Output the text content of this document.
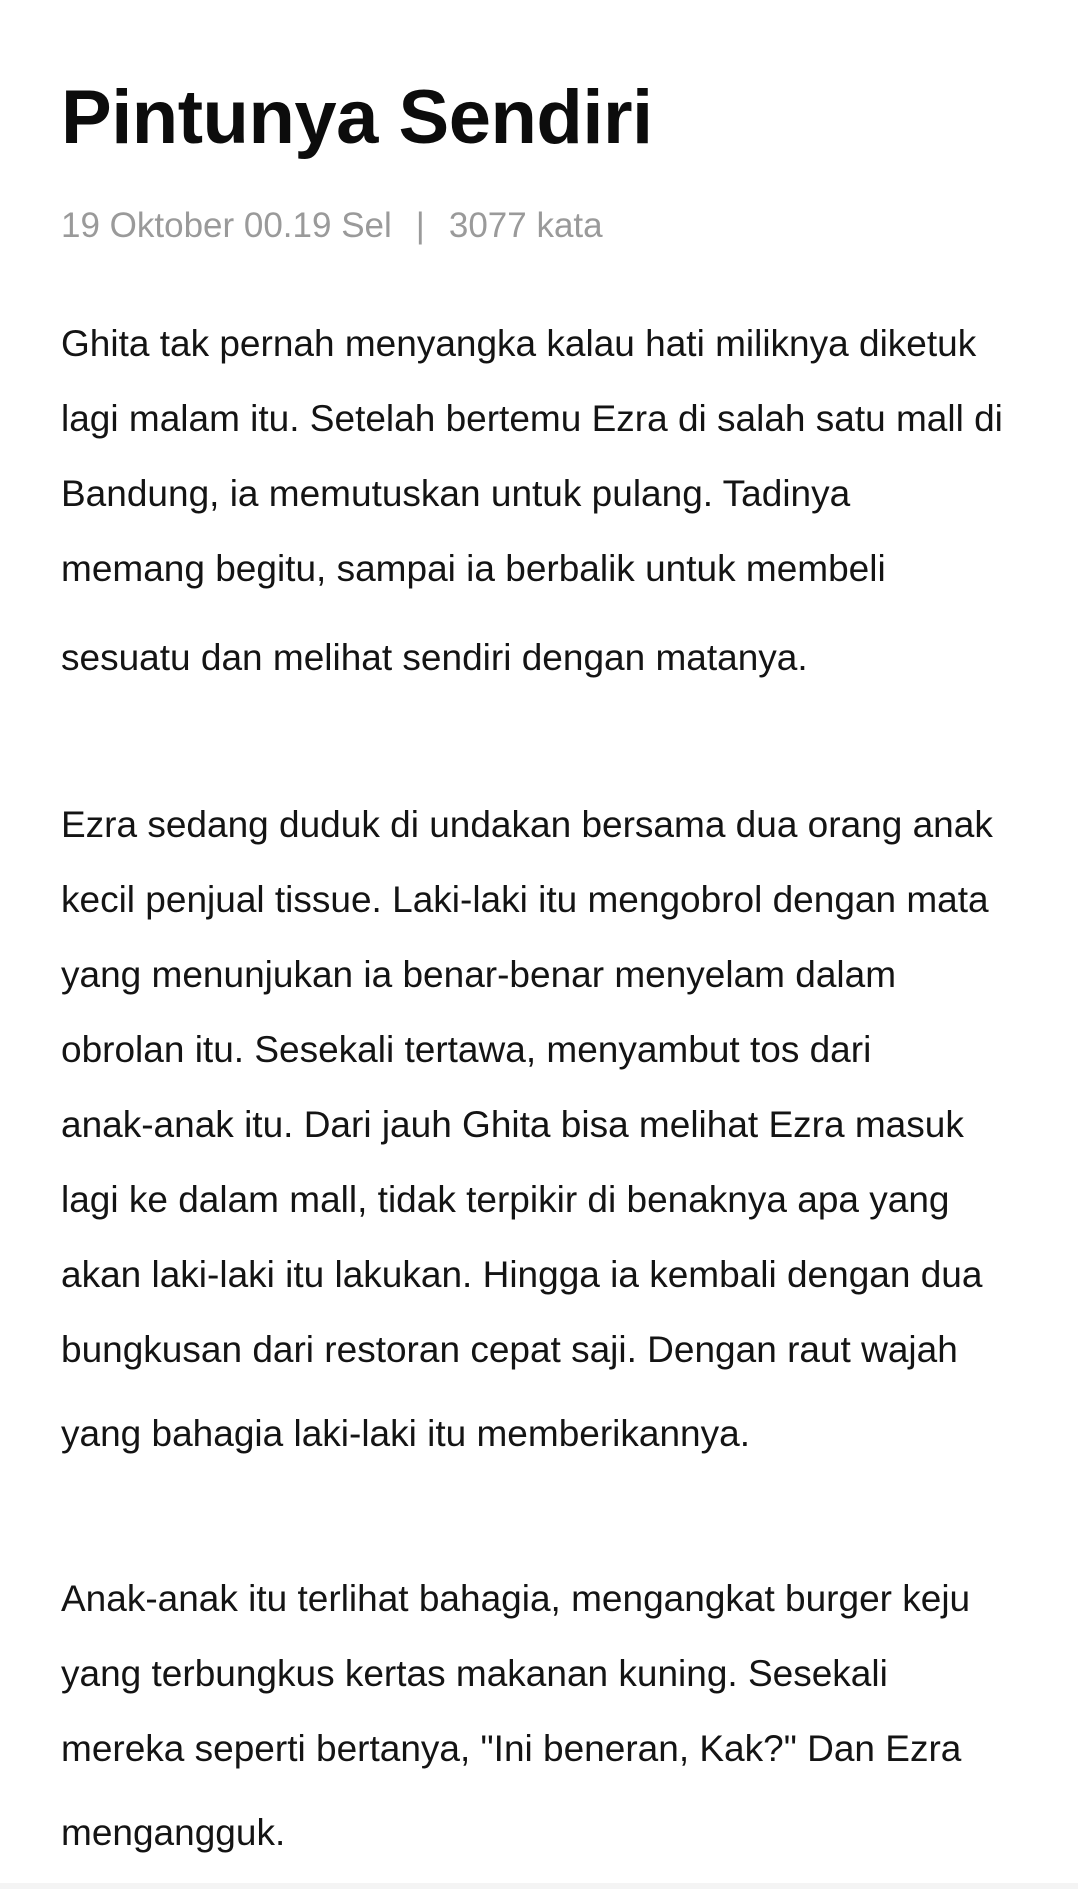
Pintunya Sendiri
19 Oktober 00.19 Sel | 3077 kata
Ghita tak pernah menyangka kalau hati miliknya diketuk
lagi malam itu. Setelah bertemu Ezra di salah satu mall di
Bandung, ia memutuskan untuk pulang. Tadinya
memang begitu, sampai ia berbalik untuk membeli
sesuatu dan melihat sendiri dengan matanya.
Ezra sedang duduk di undakan bersama dua orang anak
kecil penjual tissue. Laki-laki itu mengobrol dengan mata
yang menunjukan ia benar-benar menyelam dalam
obrolan itu. Sesekali tertawa, menyambut tos dari
anak-anak itu. Dari jauh Ghita bisa melihat Ezra masuk
lagi ke dalam mall, tidak terpikir di benaknya apa yang
akan laki-laki itu lakukan. Hingga ia kembali dengan dua
bungkusan dari restoran cepat saji. Dengan raut wajah
yang bahagia laki-laki itu memberikannya.
Anak-anak itu terlihat bahagia, mengangkat burger keju
yang terbungkus kertas makanan kuning. Sesekali
mereka seperti bertanya, "Ini beneran, Kak?" Dan Ezra
mengangguk.
